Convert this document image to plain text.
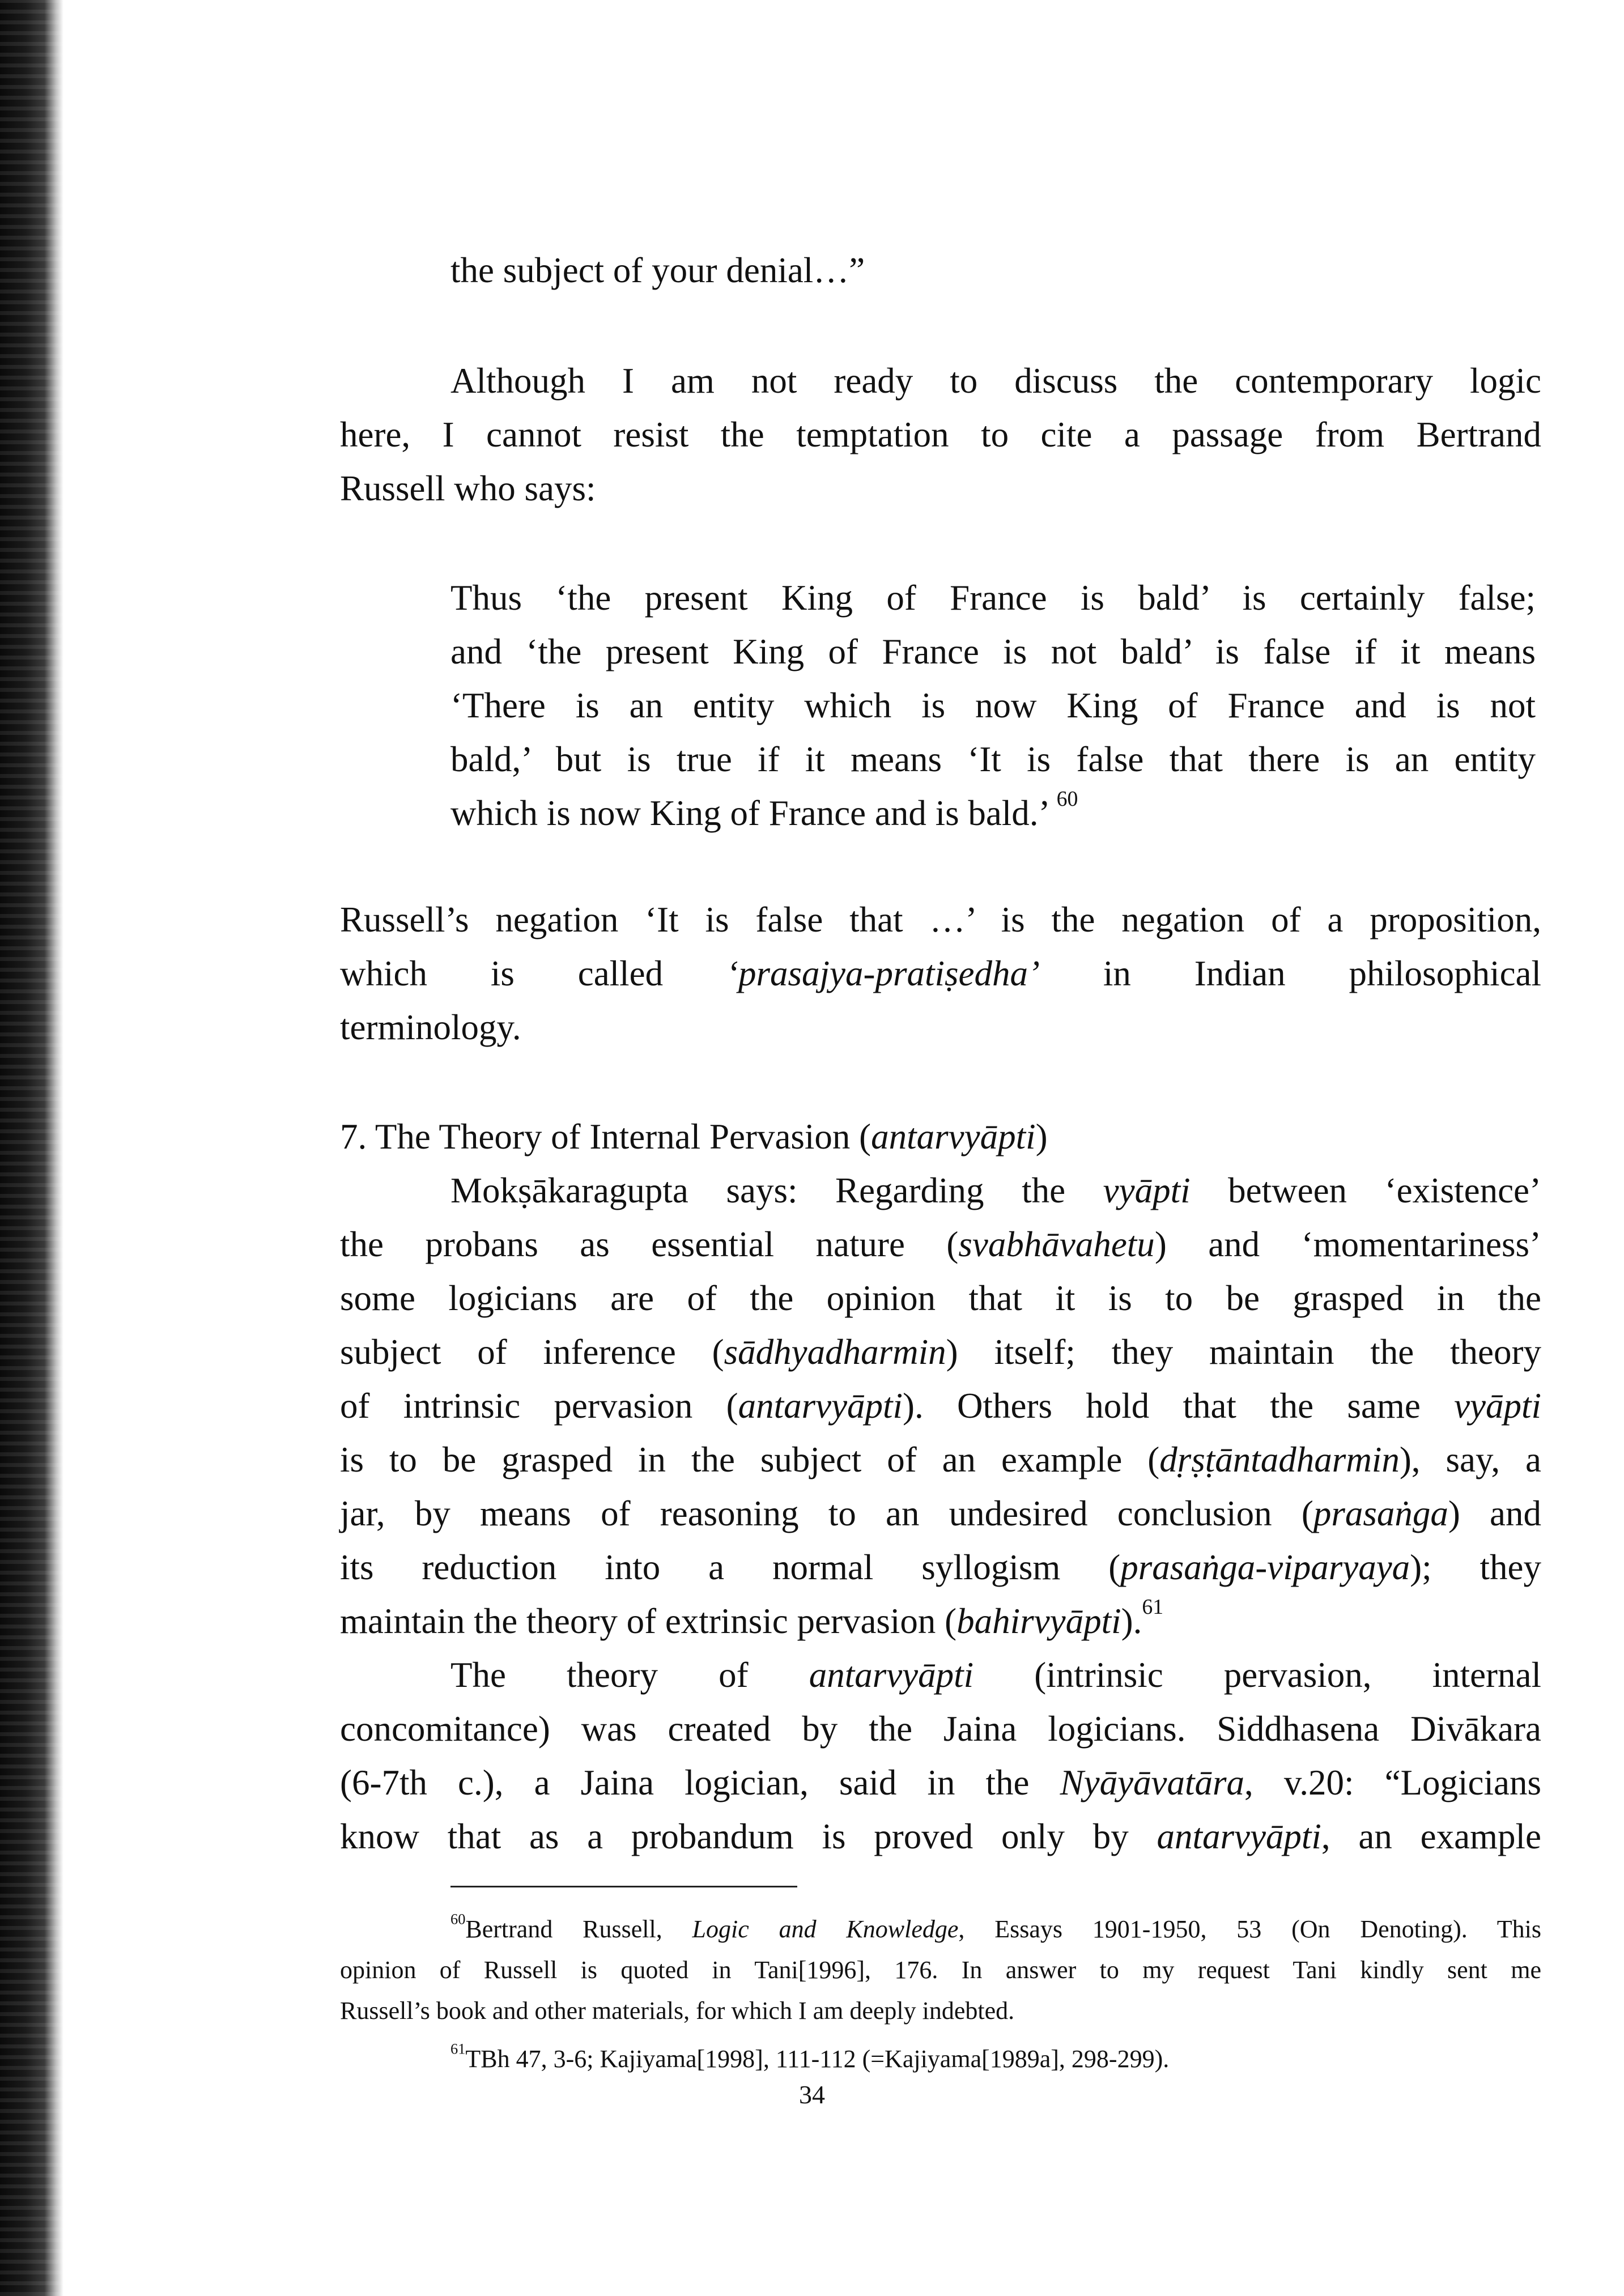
the subject of your denial…”
Although I am not ready to discuss the contemporary logic
here, I cannot resist the temptation to cite a passage from Bertrand
Russell who says:
Thus ‘the present King of France is bald’ is certainly false;
and ‘the present King of France is not bald’ is false if it means
‘There is an entity which is now King of France and is not
bald,’ but is true if it means ‘It is false that there is an entity
which is now King of France and is bald.’ $^{60}$
Russell’s negation ‘It is false that …’ is the negation of a proposition,
which is called ‘prasajya-pratiṣedha’ in Indian philosophical
terminology.
7. The Theory of Internal Pervasion (antarvyāpti)
Mokṣākaragupta says: Regarding the vyāpti between ‘existence’
the probans as essential nature (svabhāvahetu) and ‘momentariness’
some logicians are of the opinion that it is to be grasped in the
subject of inference (sādhyadharmin) itself; they maintain the theory
of intrinsic pervasion (antarvyāpti). Others hold that the same vyāpti
is to be grasped in the subject of an example (dṛṣṭāntadharmin), say, a
jar, by means of reasoning to an undesired conclusion (prasaṅga) and
its reduction into a normal syllogism (prasaṅga-viparyaya); they
maintain the theory of extrinsic pervasion (bahirvyāpti).$^{61}$
The theory of antarvyāpti (intrinsic pervasion, internal
concomitance) was created by the Jaina logicians. Siddhasena Divākara
(6-7th c.), a Jaina logician, said in the Nyāyāvatāra, v.20: “Logicians
know that as a probandum is proved only by antarvyāpti, an example
$^{60}$Bertrand Russell, Logic and Knowledge, Essays 1901-1950, 53 (On Denoting). This
opinion of Russell is quoted in Tani[1996], 176. In answer to my request Tani kindly sent me
Russell’s book and other materials, for which I am deeply indebted.
$^{61}$TBh 47, 3-6; Kajiyama[1998], 111-112 (=Kajiyama[1989a], 298-299).
34
